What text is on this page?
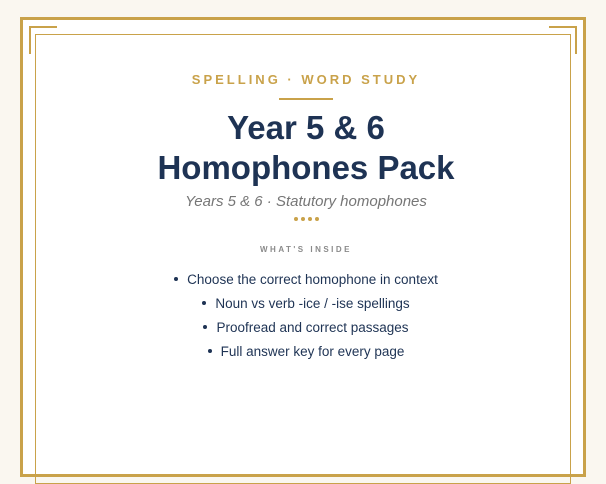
SPELLING · WORD STUDY
Year 5 & 6
Homophones Pack
Years 5 & 6 · Statutory homophones
WHAT'S INSIDE
Choose the correct homophone in context
Noun vs verb -ice / -ise spellings
Proofread and correct passages
Full answer key for every page
